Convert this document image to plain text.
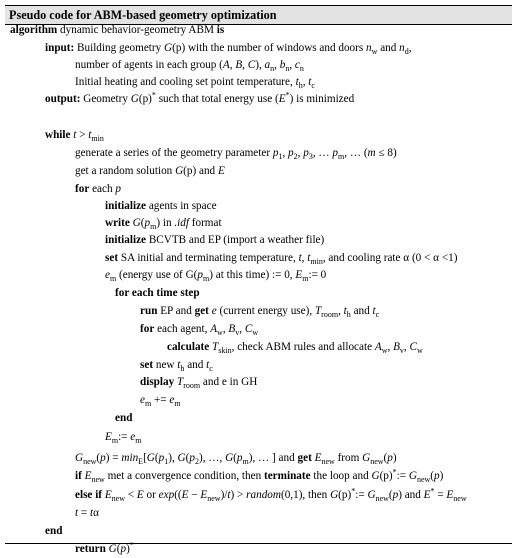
Pseudo code for ABM-based geometry optimization
algorithm dynamic behavior-geometry ABM is
input: Building geometry G(p) with the number of windows and doors $n_w$ and $n_d$,
number of agents in each group (A, B, C), $a_n$, $b_n$, $c_n$
Initial heating and cooling set point temperature, $t_h$, $t_c$
output: Geometry G(p)* such that total energy use (E*) is minimized
while $t > t_{min}$
generate a series of the geometry parameter $p_1$, $p_2$, $p_3$, … $p_m$, … (m ≤ 8)
get a random solution G(p) and E
for each p
initialize agents in space
write $G(p_m)$ in .idf format
initialize BCVTB and EP (import a weather file)
set SA initial and terminating temperature, t, $t_{min}$, and cooling rate α (0 < α <1)
$e_m$ (energy use of $G(p_m)$ at this time) := 0, $E_m:= 0$
for each time step
run EP and get e (current energy use), $T_{room}$, $t_h$ and $t_c$
for each agent, $A_w$, $B_v$, $C_w$
calculate $T_{skin}$, check ABM rules and allocate $A_w$, $B_v$, $C_w$
set new $t_h$ and $t_c$
display $T_{room}$ and e in GH
$e_m += e_m$
end
$E_m:= e_m$
$G_{new}(p) = \min_E[G(p_1)$, $G(p_2)$, …, $G(p_m)$, … ] and get $E_{new}$ from $G_{new}(p)$
if $E_{new}$ met a convergence condition, then terminate the loop and G(p)*:= $G_{new}(p)$
else if $E_{new} < E$ or $\exp((E - E_{new})/t)$ > random(0,1), then G(p)*:= $G_{new}(p)$ and $E^* = E_{new}$
t = tα
end
return G(p)*
